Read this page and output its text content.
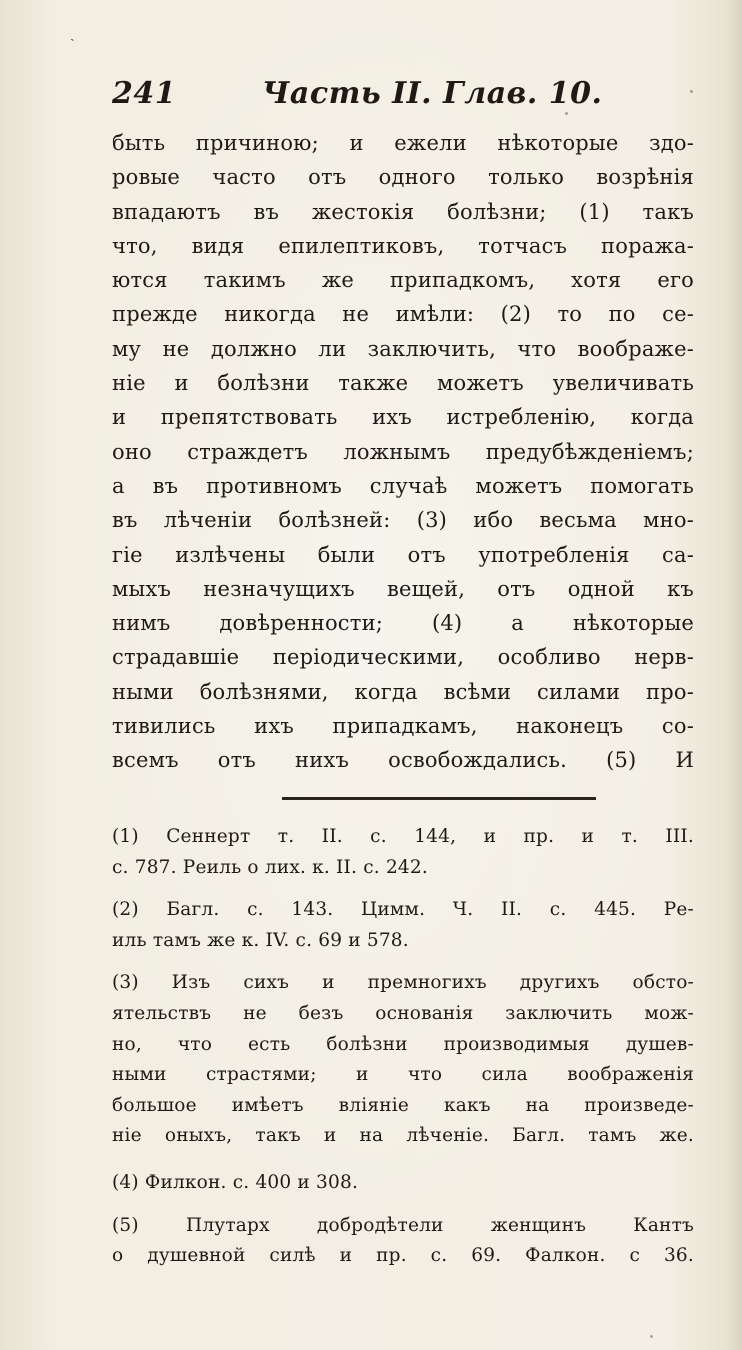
ˎ
241	Часть II. Глав. 10.
быть причиною; и ежели нѣкоторые здо-
ровые часто отъ одного только возрѣнія
впадаютъ въ жестокія болѣзни; (1) такъ
что, видя епилептиковъ, тотчасъ поража-
ются такимъ же припадкомъ, хотя его
прежде никогда не имѣли: (2) то по се-
му не должно ли заключить, что воображе-
ніе и болѣзни также можетъ увеличивать
и препятствовать ихъ истребленію, когда
оно страждетъ ложнымъ предубѣжденіемъ;
а въ противномъ случаѣ можетъ помогать
въ лѣченіи болѣзней: (3) ибо весьма мно-
гіе излѣчены были отъ употребленія са-
мыхъ незначущихъ вещей, отъ одной къ
нимъ довѣренности; (4) а нѣкоторые
страдавшіе періодическими, особливо нерв-
ными болѣзнями, когда всѣми силами про-
тивились ихъ припадкамъ, наконецъ со-
всемъ отъ нихъ освобождались. (5) И
(1) Сеннерт т. II. с. 144, и пр. и т. III.
с. 787. Реиль о лих. к. II. с. 242.
(2) Багл. с. 143. Цимм. Ч. II. с. 445. Ре-
иль тамъ же к. IV. с. 69 и 578.
(3) Изъ сихъ и премногихъ другихъ обсто-
ятельствъ не безъ основанія заключить мож-
но, что есть болѣзни производимыя душев-
ными страстями; и что сила воображенія
большое имѣетъ вліяніе какъ на произведе-
ніе оныхъ, такъ и на лѣченіе. Багл. тамъ же.
(4) Филкон. с. 400 и 308.
(5) Плутарх добродѣтели женщинъ Кантъ
о душевной силѣ и пр. с. 69. Фалкон. с 36.
